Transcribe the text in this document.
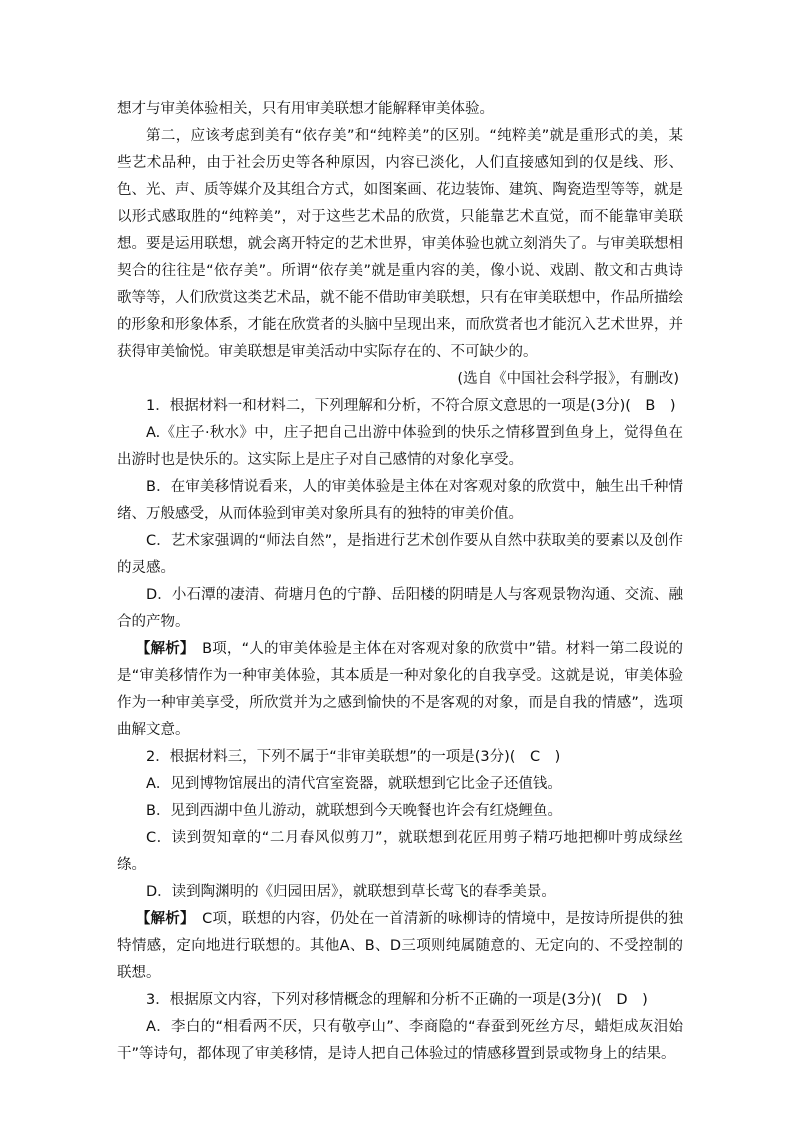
想才与审美体验相关，只有用审美联想才能解释审美体验。

第二，应该考虑到美有“依存美”和“纯粹美”的区别。“纯粹美”就是重形式的美，某些艺术品种，由于社会历史等各种原因，内容已淡化，人们直接感知到的仅是线、形、色、光、声、质等媒介及其组合方式，如图案画、花边装饰、建筑、陶瓷造型等等，就是以形式感取胜的“纯粹美”，对于这些艺术品的欣赏，只能靠艺术直觉，而不能靠审美联想。要是运用联想，就会离开特定的艺术世界，审美体验也就立刻消失了。与审美联想相契合的往往是“依存美”。所谓“依存美”就是重内容的美，像小说、戏剧、散文和古典诗歌等等，人们欣赏这类艺术品，就不能不借助审美联想，只有在审美联想中，作品所描绘的形象和形象体系，才能在欣赏者的头脑中呈现出来，而欣赏者也才能沉入艺术世界，并获得审美愉悦。审美联想是审美活动中实际存在的、不可缺少的。

(选自《中国社会科学报》，有删改)

1．根据材料一和材料二，下列理解和分析，不符合原文意思的一项是(3分)(　B　)

A.《庄子·秋水》中，庄子把自己出游中体验到的快乐之情移置到鱼身上，觉得鱼在出游时也是快乐的。这实际上是庄子对自己感情的对象化享受。

B．在审美移情说看来，人的审美体验是主体在对客观对象的欣赏中，触生出千种情绪、万般感受，从而体验到审美对象所具有的独特的审美价值。

C．艺术家强调的“师法自然”，是指进行艺术创作要从自然中获取美的要素以及创作的灵感。

D．小石潭的凄清、荷塘月色的宁静、岳阳楼的阴晴是人与客观景物沟通、交流、融合的产物。

【解析】　B项，“人的审美体验是主体在对客观对象的欣赏中”错。材料一第二段说的是“审美移情作为一种审美体验，其本质是一种对象化的自我享受。这就是说，审美体验作为一种审美享受，所欣赏并为之感到愉快的不是客观的对象，而是自我的情感”，选项曲解文意。

2．根据材料三，下列不属于“非审美联想”的一项是(3分)(　C　)

A．见到博物馆展出的清代宫室瓷器，就联想到它比金子还值钱。

B．见到西湖中鱼儿游动，就联想到今天晚餐也许会有红烧鲤鱼。

C．读到贺知章的“二月春风似剪刀”，就联想到花匠用剪子精巧地把柳叶剪成绿丝绦。

D．读到陶渊明的《归园田居》，就联想到草长莺飞的春季美景。

【解析】　C项，联想的内容，仍处在一首清新的咏柳诗的情境中，是按诗所提供的独特情感，定向地进行联想的。其他A、B、D三项则纯属随意的、无定向的、不受控制的联想。

3．根据原文内容，下列对移情概念的理解和分析不正确的一项是(3分)(　D　)

A．李白的“相看两不厌，只有敬亭山”、李商隐的“春蚕到死丝方尽，蜡炬成灰泪始干”等诗句，都体现了审美移情，是诗人把自己体验过的情感移置到景或物身上的结果。
